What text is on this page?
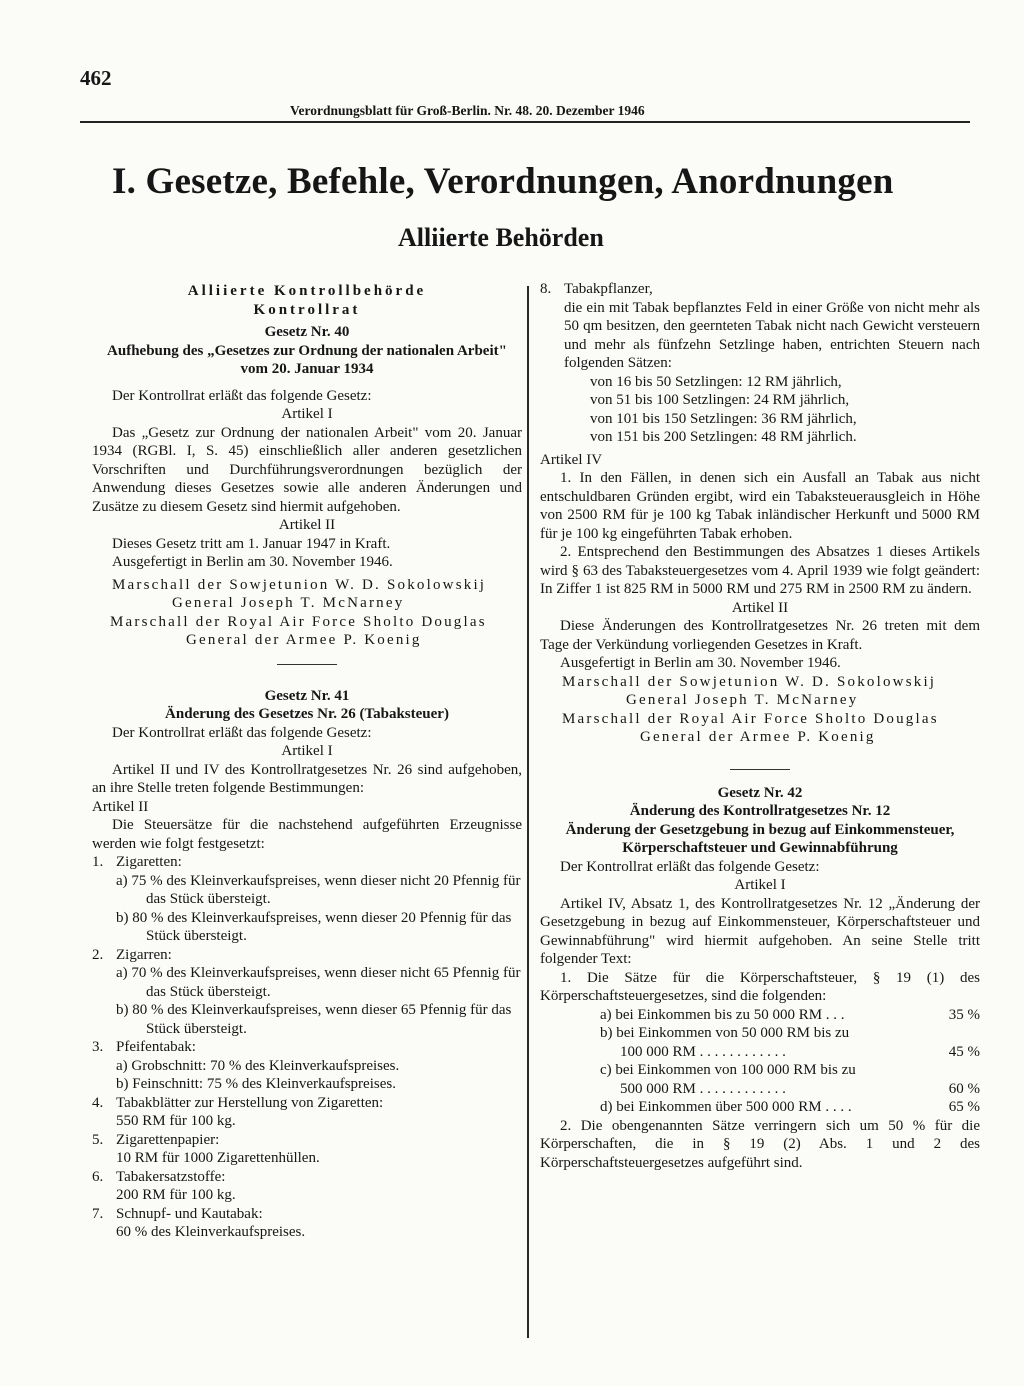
462
Verordnungsblatt für Groß-Berlin. Nr. 48. 20. Dezember 1946
I. Gesetze, Befehle, Verordnungen, Anordnungen
Alliierte Behörden
Alliierte Kontrollbehörde
Kontrollrat
Gesetz Nr. 40
Aufhebung des „Gesetzes zur Ordnung der nationalen Arbeit" vom 20. Januar 1934
Der Kontrollrat erläßt das folgende Gesetz:
Artikel I
Das „Gesetz zur Ordnung der nationalen Arbeit" vom 20. Januar 1934 (RGBl. I, S. 45) einschließlich aller anderen gesetzlichen Vorschriften und Durchführungsverordnungen bezüglich der Anwendung dieses Gesetzes sowie alle anderen Änderungen und Zusätze zu diesem Gesetz sind hiermit aufgehoben.
Artikel II
Dieses Gesetz tritt am 1. Januar 1947 in Kraft.
Ausgefertigt in Berlin am 30. November 1946.
Marschall der Sowjetunion W. D. Sokolowskij
General Joseph T. McNarney
Marschall der Royal Air Force Sholto Douglas
General der Armee P. Koenig
Gesetz Nr. 41
Änderung des Gesetzes Nr. 26 (Tabaksteuer)
Der Kontrollrat erläßt das folgende Gesetz:
Artikel I
Artikel II und IV des Kontrollratgesetzes Nr. 26 sind aufgehoben, an ihre Stelle treten folgende Bestimmungen:
Artikel II
Die Steuersätze für die nachstehend aufgeführten Erzeugnisse werden wie folgt festgesetzt:
1. Zigaretten:
a) 75 % des Kleinverkaufspreises, wenn dieser nicht 20 Pfennig für das Stück übersteigt.
b) 80 % des Kleinverkaufspreises, wenn dieser 20 Pfennig für das Stück übersteigt.
2. Zigarren:
a) 70 % des Kleinverkaufspreises, wenn dieser nicht 65 Pfennig für das Stück übersteigt.
b) 80 % des Kleinverkaufspreises, wenn dieser 65 Pfennig für das Stück übersteigt.
3. Pfeifentabak:
a) Grobschnitt: 70 % des Kleinverkaufspreises.
b) Feinschnitt: 75 % des Kleinverkaufspreises.
4. Tabakblätter zur Herstellung von Zigaretten:
550 RM für 100 kg.
5. Zigarettenpapier:
10 RM für 1000 Zigarettenhüllen.
6. Tabakersatzstoffe:
200 RM für 100 kg.
7. Schnupf- und Kautabak:
60 % des Kleinverkaufspreises.
8. Tabakpflanzer,
die ein mit Tabak bepflanztes Feld in einer Größe von nicht mehr als 50 qm besitzen, den geernteten Tabak nicht nach Gewicht versteuern und mehr als fünfzehn Setzlinge haben, entrichten Steuern nach folgenden Sätzen:
von 16 bis 50 Setzlingen: 12 RM jährlich,
von 51 bis 100 Setzlingen: 24 RM jährlich,
von 101 bis 150 Setzlingen: 36 RM jährlich,
von 151 bis 200 Setzlingen: 48 RM jährlich.
Artikel IV
1. In den Fällen, in denen sich ein Ausfall an Tabak aus nicht entschuldbaren Gründen ergibt, wird ein Tabaksteuerausgleich in Höhe von 2500 RM für je 100 kg Tabak inländischer Herkunft und 5000 RM für je 100 kg eingeführten Tabak erhoben.
2. Entsprechend den Bestimmungen des Absatzes 1 dieses Artikels wird § 63 des Tabaksteuergesetzes vom 4. April 1939 wie folgt geändert: In Ziffer 1 ist 825 RM in 5000 RM und 275 RM in 2500 RM zu ändern.
Artikel II
Diese Änderungen des Kontrollratgesetzes Nr. 26 treten mit dem Tage der Verkündung vorliegenden Gesetzes in Kraft.
Ausgefertigt in Berlin am 30. November 1946.
Marschall der Sowjetunion W. D. Sokolowskij
General Joseph T. McNarney
Marschall der Royal Air Force Sholto Douglas
General der Armee P. Koenig
Gesetz Nr. 42
Änderung des Kontrollratgesetzes Nr. 12
Änderung der Gesetzgebung in bezug auf Einkommensteuer, Körperschaftsteuer und Gewinnabführung
Der Kontrollrat erläßt das folgende Gesetz:
Artikel I
Artikel IV, Absatz 1, des Kontrollratgesetzes Nr. 12 „Änderung der Gesetzgebung in bezug auf Einkommensteuer, Körperschaftsteuer und Gewinnabführung" wird hiermit aufgehoben. An seine Stelle tritt folgender Text:
1. Die Sätze für die Körperschaftsteuer, § 19 (1) des Körperschaftsteuergesetzes, sind die folgenden:
a) bei Einkommen bis zu 50 000 RM . . .	35 %
b) bei Einkommen von 50 000 RM bis zu
100 000 RM . . . . . . . . . . . .	45 %
c) bei Einkommen von 100 000 RM bis zu
500 000 RM . . . . . . . . . . . .	60 %
d) bei Einkommen über 500 000 RM . . . .	65 %
2. Die obengenannten Sätze verringern sich um 50 % für die Körperschaften, die in § 19 (2) Abs. 1 und 2 des Körperschaftsteuergesetzes aufgeführt sind.
